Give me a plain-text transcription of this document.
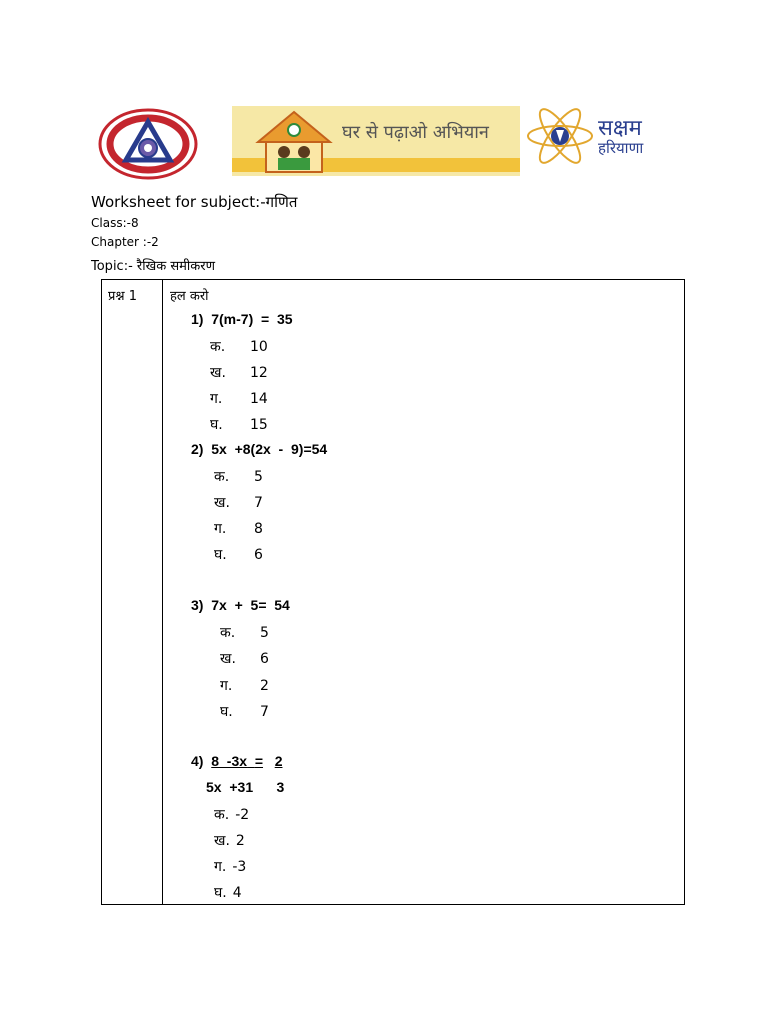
घर से पढ़ाओ अभियान	सक्षम
हरियाणा
Worksheet for subject:-गणित
Class:-8
Chapter :-2
Topic:- रैखिक समीकरण
प्रश्न 1	हल करो
1)  7(m-7)  =  35
क. 10
ख. 12
ग. 14
घ. 15
2)  5x  +8(2x  -  9)=54
क. 5
ख. 7
ग. 8
घ. 6
3)  7x  +  5=  54
क. 5
ख. 6
ग. 2
घ. 7
4) 8  -3x = 2
5x  +31 3
क. -2
ख. 2
ग. -3
घ. 4
